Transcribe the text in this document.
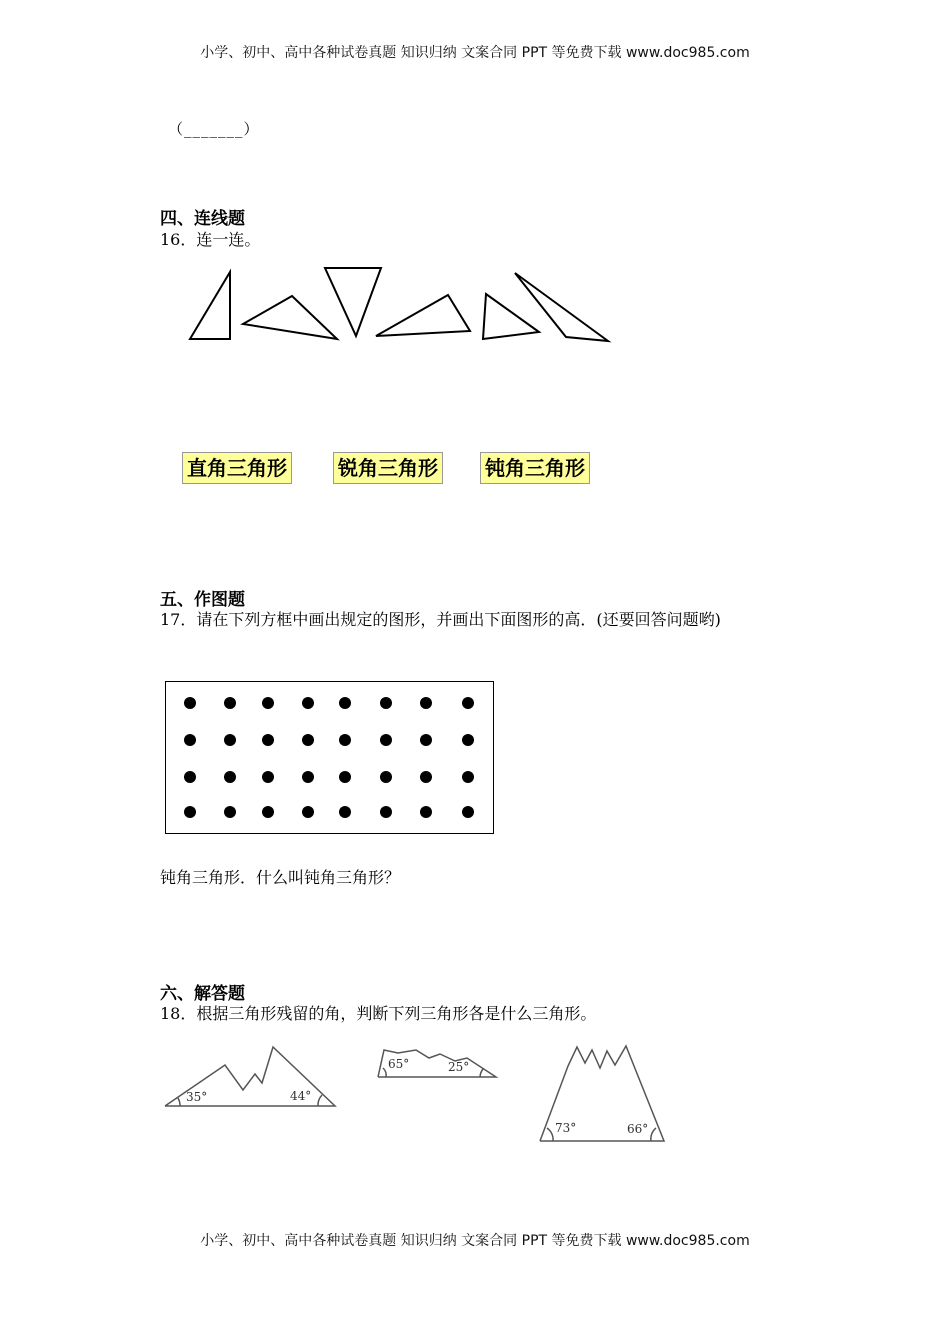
小学、初中、高中各种试卷真题 知识归纳 文案合同 PPT 等免费下载 www.doc985.com
（_______）
四、连线题
16．连一连。
直角三角形	锐角三角形 钝角三角形
五、作图题
17．请在下列方框中画出规定的图形，并画出下面图形的高．(还要回答问题哟)
钝角三角形．什么叫钝角三角形？
六、解答题
18．根据三角形残留的角，判断下列三角形各是什么三角形。
35°	44°
65°	25°
73°	66°
小学、初中、高中各种试卷真题 知识归纳 文案合同 PPT 等免费下载 www.doc985.com
